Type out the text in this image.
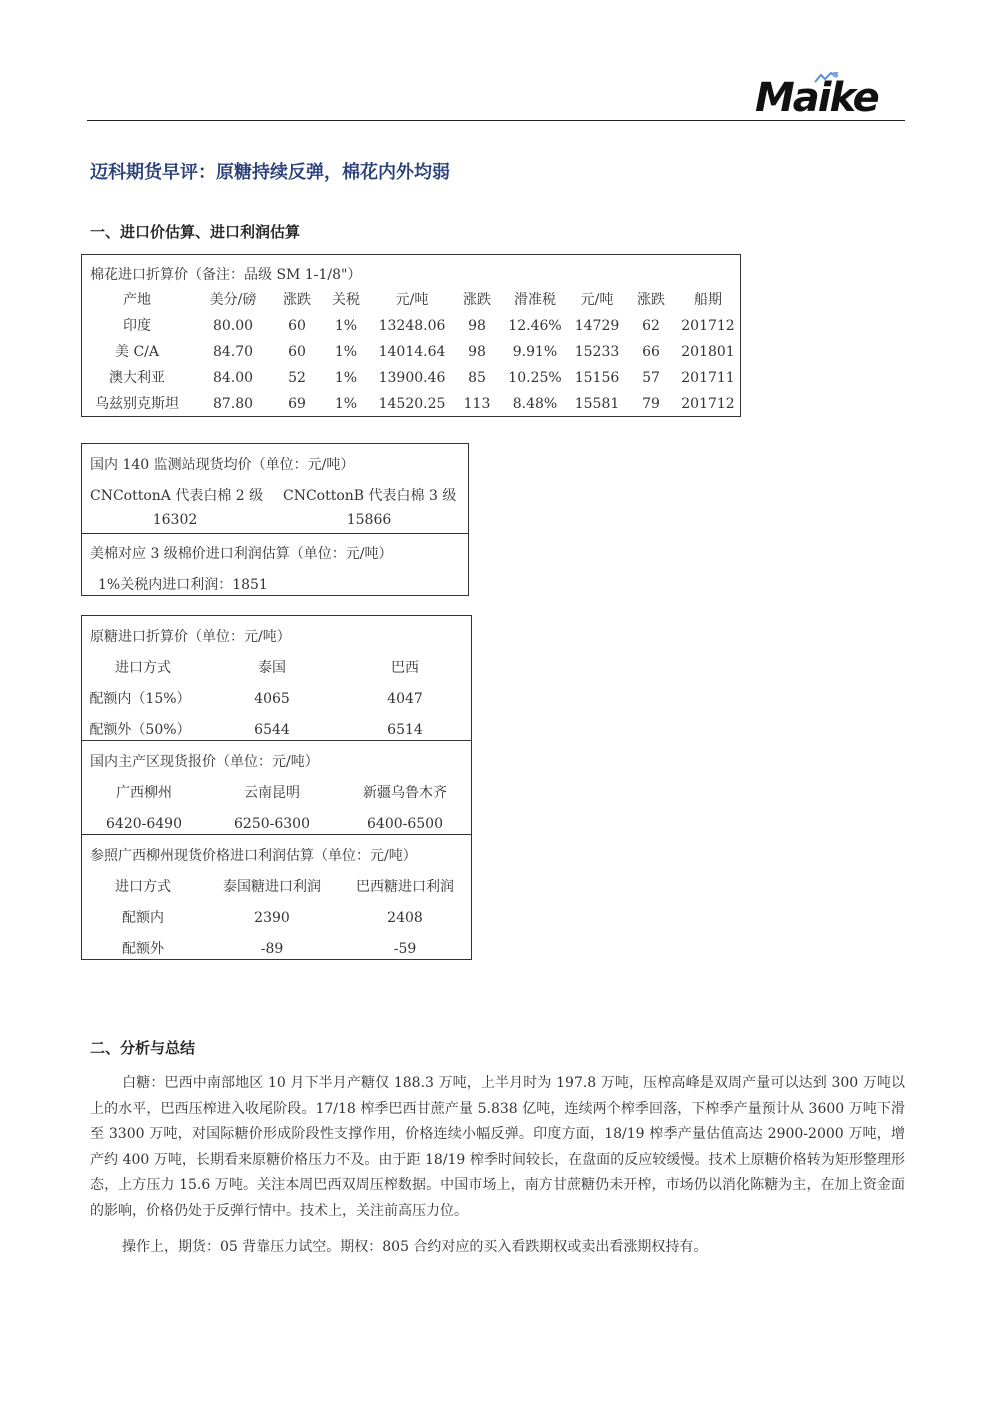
Maike
迈科期货早评：原糖持续反弹，棉花内外均弱
一、进口价估算、进口利润估算
棉花进口折算价（备注：品级 SM 1-1/8"）
产地	美分/磅 涨跌 关税	元/吨 涨跌 滑准税 元/吨 涨跌 船期
印度	80.00	60 1% 13248.06 98 12.46% 14729 62 201712
美 C/A	84.70	60 1% 14014.64 98 9.91% 15233 66 201801
澳大利亚	84.00	52 1% 13900.46 85 10.25% 15156 57 201711
乌兹别克斯坦 87.80	69 1% 14520.25 113 8.48% 15581 79 201712
国内 140 监测站现货均价（单位：元/吨）
CNCottonA 代表白棉 2 级 CNCottonB 代表白棉 3 级
16302	15866
美棉对应 3 级棉价进口利润估算（单位：元/吨）
1%关税内进口利润：1851
原糖进口折算价（单位：元/吨）
国内主产区现货报价（单位：元/吨）
参照广西柳州现货价格进口利润估算（单位：元/吨）
进口方式	泰国	巴西
配额内（15%）	4065	4047
配额外（50%）	6544	6514
广西柳州	云南昆明	新疆乌鲁木齐
6420-6490	6250-6300	6400-6500
进口方式	泰国糖进口利润	巴西糖进口利润
配额内	2390	2408
配额外	-89	-59
二、分析与总结
白糖：巴西中南部地区 10 月下半月产糖仅 188.3 万吨，上半月时为 197.8 万吨，压榨高峰是双周产量可以达到 300 万吨以上的水平，巴西压榨进入收尾阶段。17/18 榨季巴西甘蔗产量 5.838 亿吨，连续两个榨季回落，下榨季产量预计从 3600 万吨下滑至 3300 万吨，对国际糖价形成阶段性支撑作用，价格连续小幅反弹。印度方面，18/19 榨季产量估值高达 2900-2000 万吨，增产约 400 万吨，长期看来原糖价格压力不及。由于距 18/19 榨季时间较长，在盘面的反应较缓慢。技术上原糖价格转为矩形整理形态，上方压力 15.6 万吨。关注本周巴西双周压榨数据。中国市场上，南方甘蔗糖仍未开榨，市场仍以消化陈糖为主，在加上资金面的影响，价格仍处于反弹行情中。技术上，关注前高压力位。
操作上，期货：05 背靠压力试空。期权：805 合约对应的买入看跌期权或卖出看涨期权持有。
